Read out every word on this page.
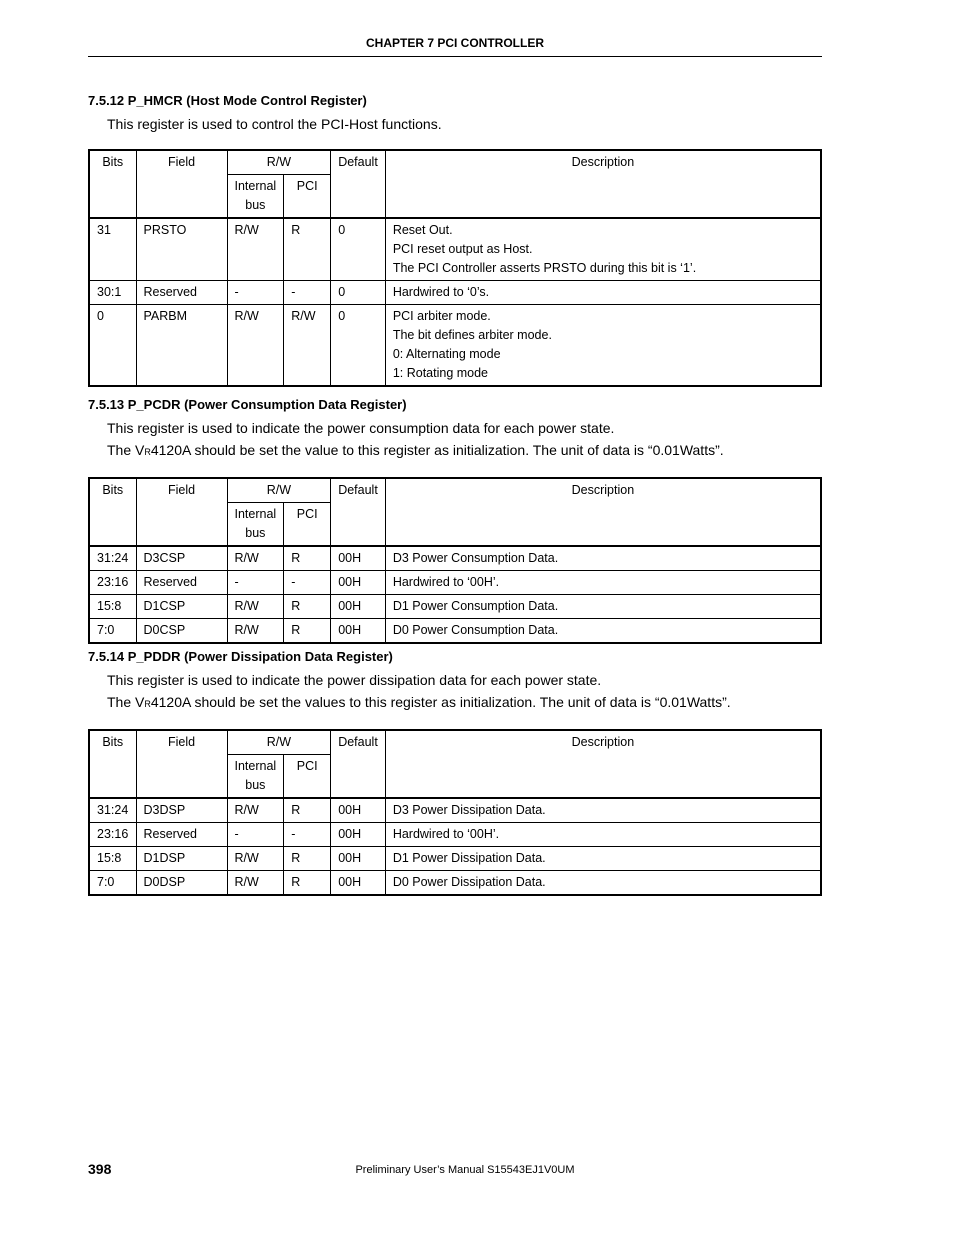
CHAPTER 7 PCI CONTROLLER
7.5.12 P_HMCR (Host Mode Control Register)
This register is used to control the PCI-Host functions.
Bits	Field	R/W		Default	Description
		Internal bus	PCI		
31	PRSTO	R/W	R	0	Reset Out.
PCI reset output as Host.
The PCI Controller asserts PRSTO during this bit is ‘1’.

30:1	Reserved	-	-	0	Hardwired to ‘0’s.

0	PARBM	R/W	R/W	0	PCI arbiter mode.
The bit defines arbiter mode.
0: Alternating mode
1: Rotating mode
7.5.13 P_PCDR (Power Consumption Data Register)
This register is used to indicate the power consumption data for each power state.
The VR4120A should be set the value to this register as initialization. The unit of data is “0.01Watts”.
Bits	Field	R/W		Default	Description
		Internal bus	PCI		
31:24	D3CSP	R/W	R	00H	D3 Power Consumption Data.

23:16	Reserved	-	-	00H	Hardwired to ‘00H’.

15:8	D1CSP	R/W	R	00H	D1 Power Consumption Data.

7:0	D0CSP	R/W	R	00H	D0 Power Consumption Data.
7.5.14 P_PDDR (Power Dissipation Data Register)
This register is used to indicate the power dissipation data for each power state.
The VR4120A should be set the values to this register as initialization. The unit of data is “0.01Watts”.
Bits	Field	R/W		Default	Description
		Internal bus	PCI		
31:24	D3DSP	R/W	R	00H	D3 Power Dissipation Data.

23:16	Reserved	-	-	00H	Hardwired to ‘00H’.

15:8	D1DSP	R/W	R	00H	D1 Power Dissipation Data.

7:0	D0DSP	R/W	R	00H	D0 Power Dissipation Data.
398	Preliminary User’s Manual S15543EJ1V0UM
